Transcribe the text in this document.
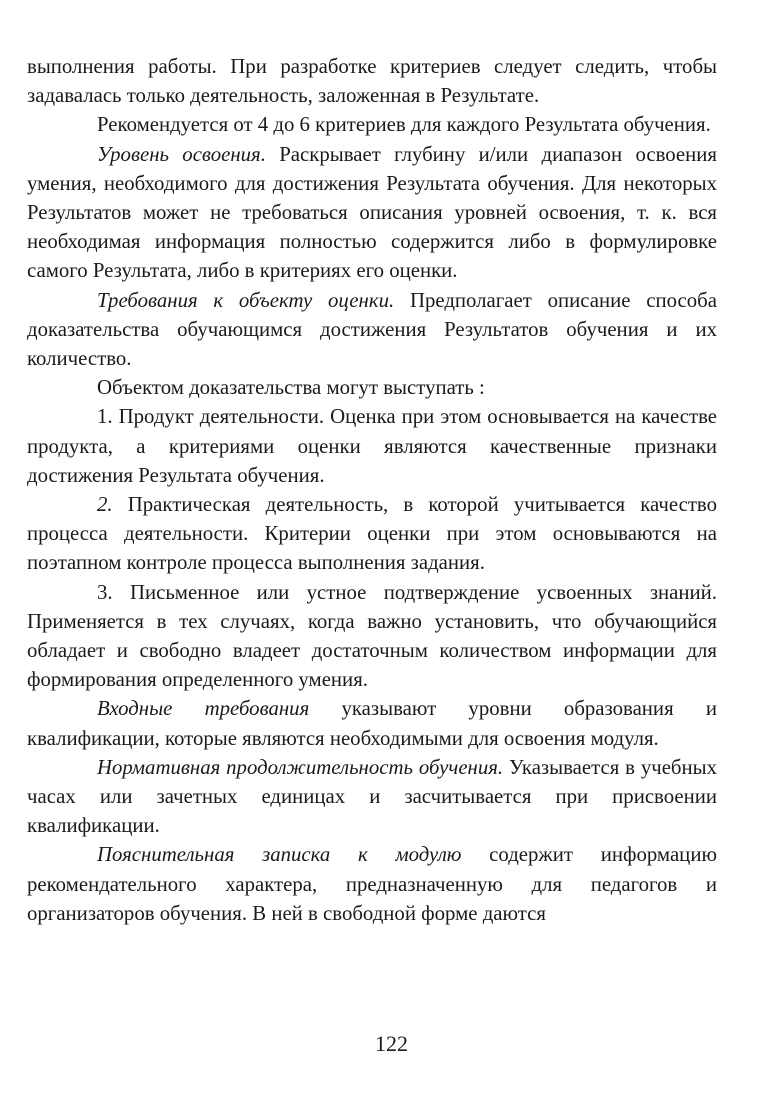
выполнения работы. При разработке критериев следует следить, чтобы задавалась только деятельность, заложенная в Результате.

Рекомендуется от 4 до 6 критериев для каждого Результата обучения.

Уровень освоения. Раскрывает глубину и/или диапазон освоения умения, необходимого для достижения Результата обучения. Для некоторых Результатов может не требоваться описания уровней освоения, т. к. вся необходимая информация полностью содержится либо в формулировке самого Результата, либо в критериях его оценки.

Требования к объекту оценки. Предполагает описание способа доказательства обучающимся достижения Результатов обучения и их количество.

Объектом доказательства могут выступать :

1. Продукт деятельности. Оценка при этом основывается на качестве продукта, а критериями оценки являются качественные признаки достижения Результата обучения.

2. Практическая деятельность, в которой учитывается качество процесса деятельности. Критерии оценки при этом основываются на поэтапном контроле процесса выполнения задания.

3. Письменное или устное подтверждение усвоенных знаний. Применяется в тех случаях, когда важно установить, что обучающийся обладает и свободно владеет достаточным количеством информации для формирования определенного умения.

Входные требования указывают уровни образования и квалификации, которые являются необходимыми для освоения модуля.

Нормативная продолжительность обучения. Указывается в учебных часах или зачетных единицах и засчитывается при присвоении квалификации.

Пояснительная записка к модулю содержит информацию рекомендательного характера, предназначенную для педагогов и организаторов обучения. В ней в свободной форме даются

122
